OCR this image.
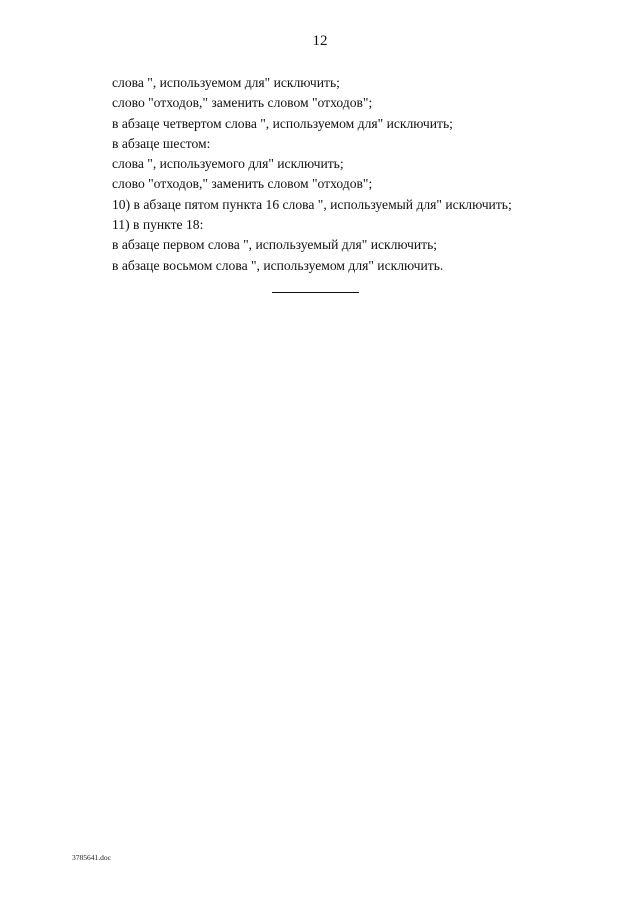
12
слова ", используемом для" исключить;
слово "отходов," заменить словом "отходов";
в абзаце четвертом слова ", используемом для" исключить;
в абзаце шестом:
слова ", используемого для" исключить;
слово "отходов," заменить словом "отходов";
10) в абзаце пятом пункта 16 слова ", используемый для" исключить;
11) в пункте 18:
в абзаце первом слова ", используемый для" исключить;
в абзаце восьмом слова ", используемом для" исключить.
3785641.doc
